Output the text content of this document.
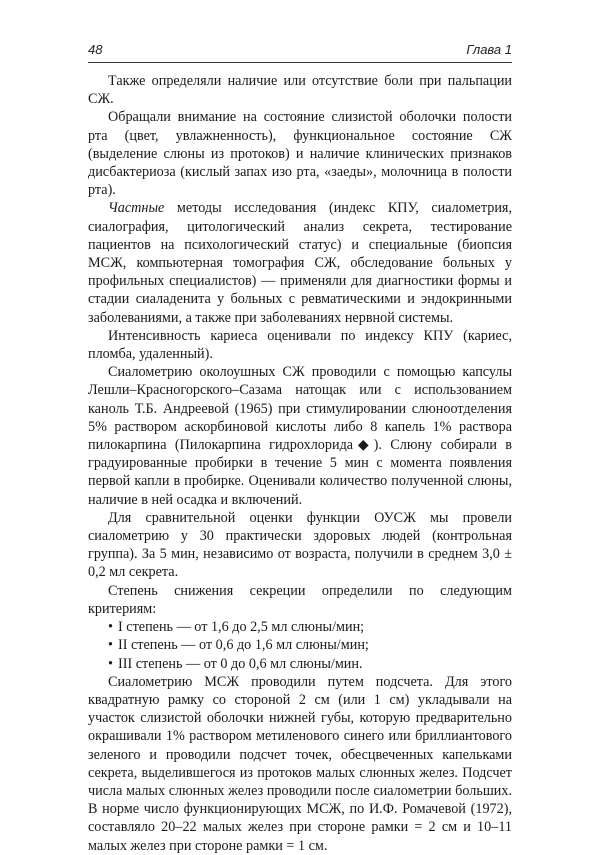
48	Глава 1

Также определяли наличие или отсутствие боли при пальпации СЖ.

Обращали внимание на состояние слизистой оболочки полости рта (цвет, увлажненность), функциональное состояние СЖ (выделение слюны из протоков) и наличие клинических признаков дисбактериоза (кислый запах изо рта, «заеды», молочница в полости рта).

Частные методы исследования (индекс КПУ, сиалометрия, сиалография, цитологический анализ секрета, тестирование пациентов на психологический статус) и специальные (биопсия МСЖ, компьютерная томография СЖ, обследование больных у профильных специалистов) — применяли для диагностики формы и стадии сиаладенита у больных с ревматическими и эндокринными заболеваниями, а также при заболеваниях нервной системы.

Интенсивность кариеса оценивали по индексу КПУ (кариес, пломба, удаленный).

Сиалометрию околоушных СЖ проводили с помощью капсулы Лешли–Красногорского–Сазама натощак или с использованием каноль Т.Б. Андреевой (1965) при стимулировании слюноотделения 5% раствором аскорбиновой кислоты либо 8 капель 1% раствора пилокарпина (Пилокарпина гидрохлорида◆). Слюну собирали в градуированные пробирки в течение 5 мин с момента появления первой капли в пробирке. Оценивали количество полученной слюны, наличие в ней осадка и включений.

Для сравнительной оценки функции ОУСЖ мы провели сиалометрию у 30 практически здоровых людей (контрольная группа). За 5 мин, независимо от возраста, получили в среднем 3,0 ± 0,2 мл секрета.

Степень снижения секреции определили по следующим критериям:

• I степень — от 1,6 до 2,5 мл слюны/мин;
• II степень — от 0,6 до 1,6 мл слюны/мин;
• III степень — от 0 до 0,6 мл слюны/мин.

Сиалометрию МСЖ проводили путем подсчета. Для этого квадратную рамку со стороной 2 см (или 1 см) укладывали на участок слизистой оболочки нижней губы, которую предварительно окрашивали 1% раствором метиленового синего или бриллиантового зеленого и проводили подсчет точек, обесцвеченных капельками секрета, выделившегося из протоков малых слюнных желез. Подсчет числа малых слюнных желез проводили после сиалометрии больших. В норме число функционирующих МСЖ, по И.Ф. Ромачевой (1972), составляло 20–22 малых желез при стороне рамки = 2 см и 10–11 малых желез при стороне рамки = 1 см.
